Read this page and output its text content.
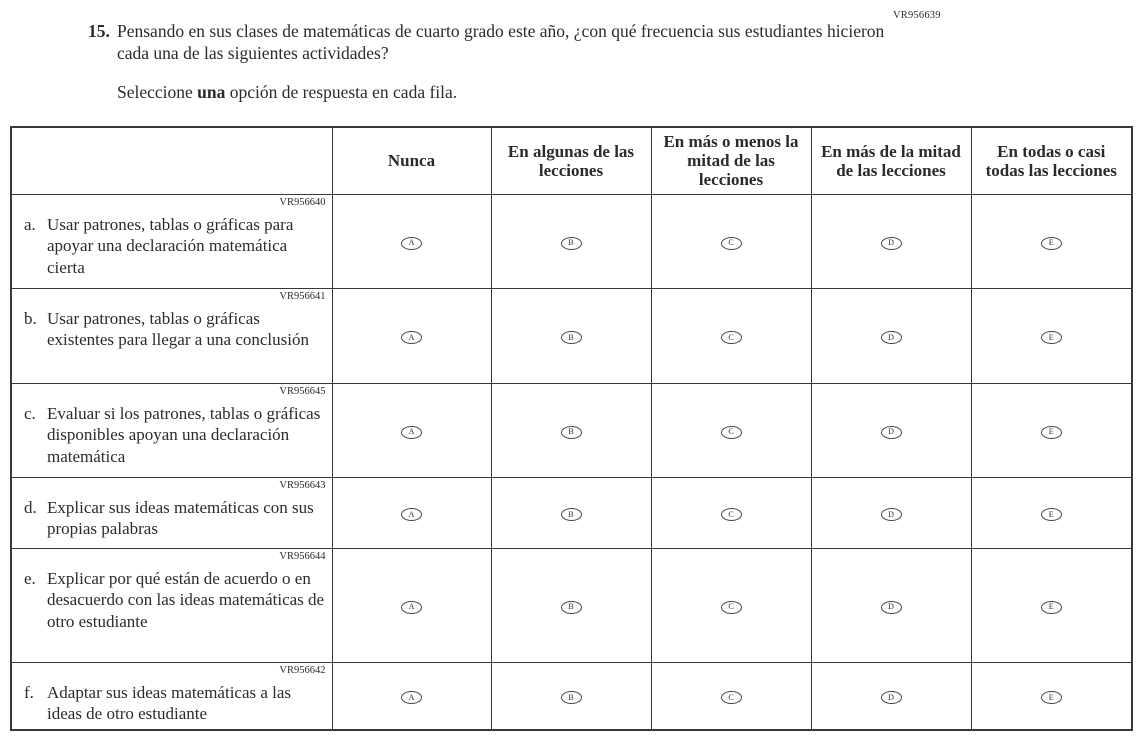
VR956639
15. Pensando en sus clases de matemáticas de cuarto grado este año, ¿con qué frecuencia sus estudiantes hicieron cada una de las siguientes actividades?
Seleccione una opción de respuesta en cada fila.
	Nunca	En algunas de las lecciones	En más o menos la mitad de las lecciones	En más de la mitad de las lecciones	En todas o casi todas las lecciones

VR956640
a. Usar patrones, tablas o gráficas para apoyar una declaración matemática cierta	A	B	C	D	E

VR956641
b. Usar patrones, tablas o gráficas existentes para llegar a una conclusión	A	B	C	D	E

VR956645
c. Evaluar si los patrones, tablas o gráficas disponibles apoyan una declaración matemática	A	B	C	D	E

VR956643
d. Explicar sus ideas matemáticas con sus propias palabras	A	B	C	D	E

VR956644
e. Explicar por qué están de acuerdo o en desacuerdo con las ideas matemáticas de otro estudiante	A	B	C	D	E

VR956642
f. Adaptar sus ideas matemáticas a las ideas de otro estudiante	A	B	C	D	E
